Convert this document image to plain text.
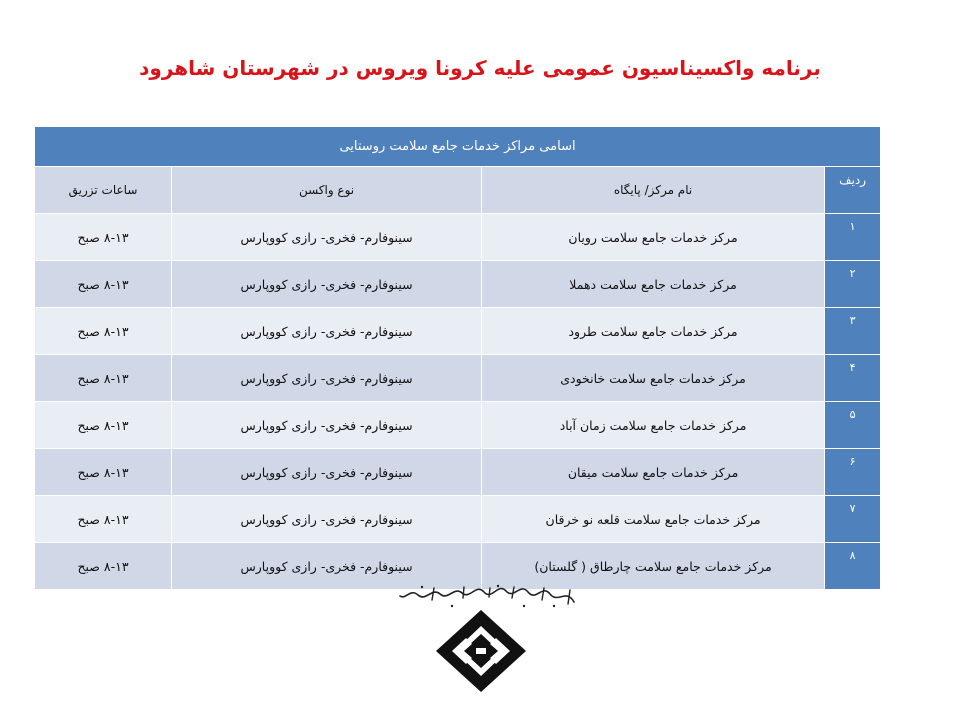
برنامه واکسیناسیون عمومی علیه کرونا ویروس در شهرستان شاهرود
اسامی مراکز خدمات جامع سلامت روستایی			
ردیف	نام مرکز/ پایگاه	نوع واکسن	ساعات تزریق
۱	مرکز خدمات جامع سلامت رویان	سینوفارم- فخری- رازی کووپارس	۸-۱۳ صبح
۲	مرکز خدمات جامع سلامت دهملا	سینوفارم- فخری- رازی کووپارس	۸-۱۳ صبح
۳	مرکز خدمات جامع سلامت طرود	سینوفارم- فخری- رازی کووپارس	۸-۱۳ صبح
۴	مرکز خدمات جامع سلامت خانخودی	سینوفارم- فخری- رازی کووپارس	۸-۱۳ صبح
۵	مرکز خدمات جامع سلامت زمان آباد	سینوفارم- فخری- رازی کووپارس	۸-۱۳ صبح
۶	مرکز خدمات جامع سلامت میقان	سینوفارم- فخری- رازی کووپارس	۸-۱۳ صبح
۷	مرکز خدمات جامع سلامت قلعه نو خرقان	سینوفارم- فخری- رازی کووپارس	۸-۱۳ صبح
۸	مرکز خدمات جامع سلامت چارطاق ( گلستان)	سینوفارم- فخری- رازی کووپارس	۸-۱۳ صبح
